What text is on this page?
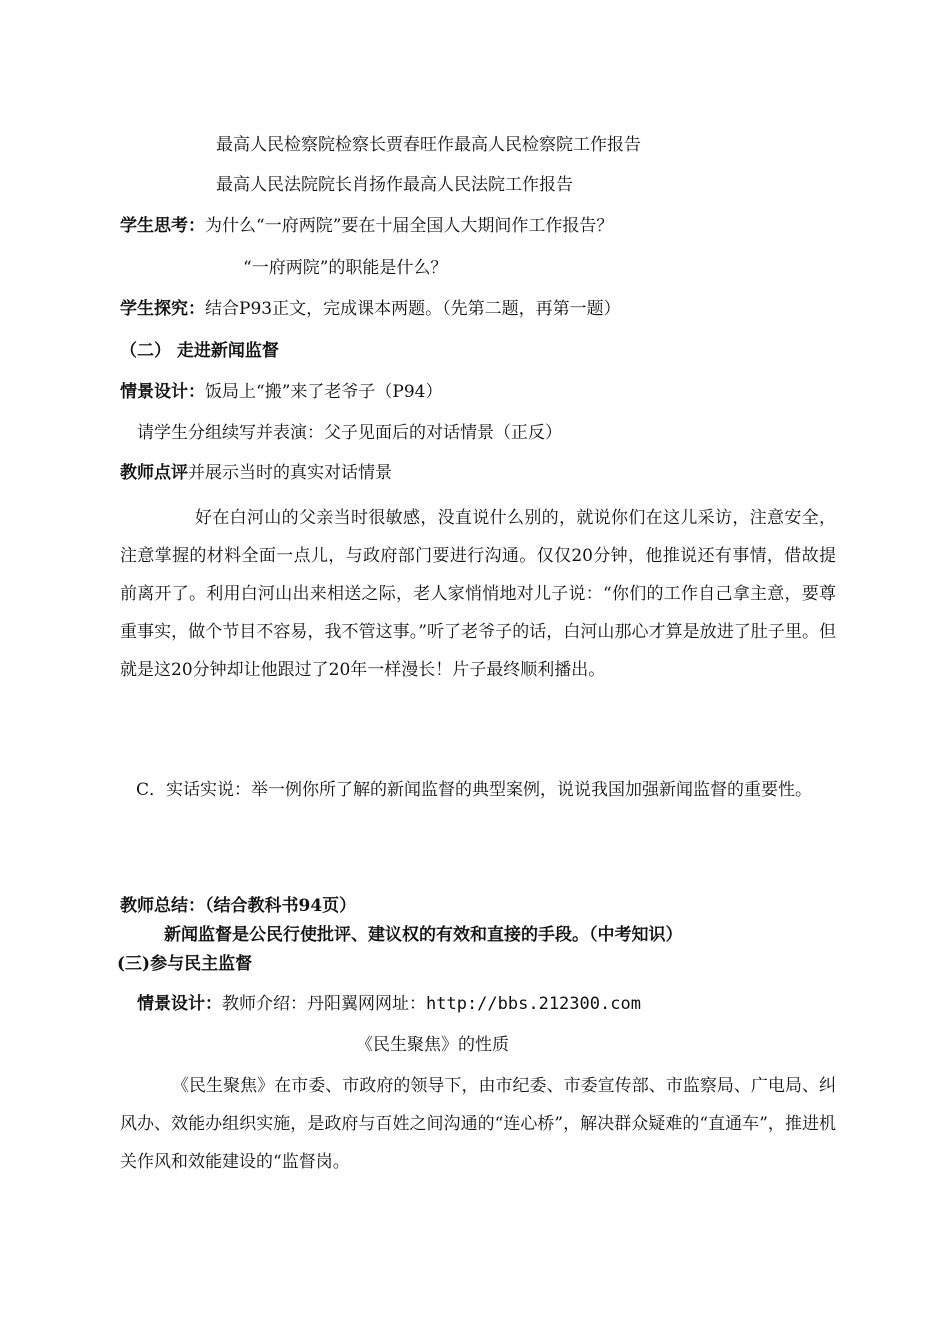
最高人民检察院检察长贾春旺作最高人民检察院工作报告
最高人民法院院长肖扬作最高人民法院工作报告
学生思考：为什么“一府两院”要在十届全国人大期间作工作报告？
“一府两院”的职能是什么？
学生探究：结合P93正文，完成课本两题。（先第二题，再第一题）
（二） 走进新闻监督
情景设计：饭局上“搬”来了老爷子（P94）
请学生分组续写并表演：父子见面后的对话情景（正反）
教师点评并展示当时的真实对话情景
好在白河山的父亲当时很敏感，没直说什么别的，就说你们在这儿采访，注意安全，注意掌握的材料全面一点儿，与政府部门要进行沟通。仅仅20分钟，他推说还有事情，借故提前离开了。利用白河山出来相送之际，老人家悄悄地对儿子说：“你们的工作自己拿主意，要尊重事实，做个节目不容易，我不管这事。”听了老爷子的话，白河山那心才算是放进了肚子里。但就是这20分钟却让他跟过了20年一样漫长！片子最终顺利播出。
C．实话实说：举一例你所了解的新闻监督的典型案例，说说我国加强新闻监督的重要性。
教师总结：（结合教科书94页）
新闻监督是公民行使批评、建议权的有效和直接的手段。（中考知识）
(三)参与民主监督
情景设计：教师介绍：丹阳翼网网址：http://bbs.212300.com
《民生聚焦》的性质
《民生聚焦》在市委、市政府的领导下，由市纪委、市委宣传部、市监察局、广电局、纠风办、效能办组织实施，是政府与百姓之间沟通的“连心桥”，解决群众疑难的“直通车”，推进机关作风和效能建设的“监督岗。
